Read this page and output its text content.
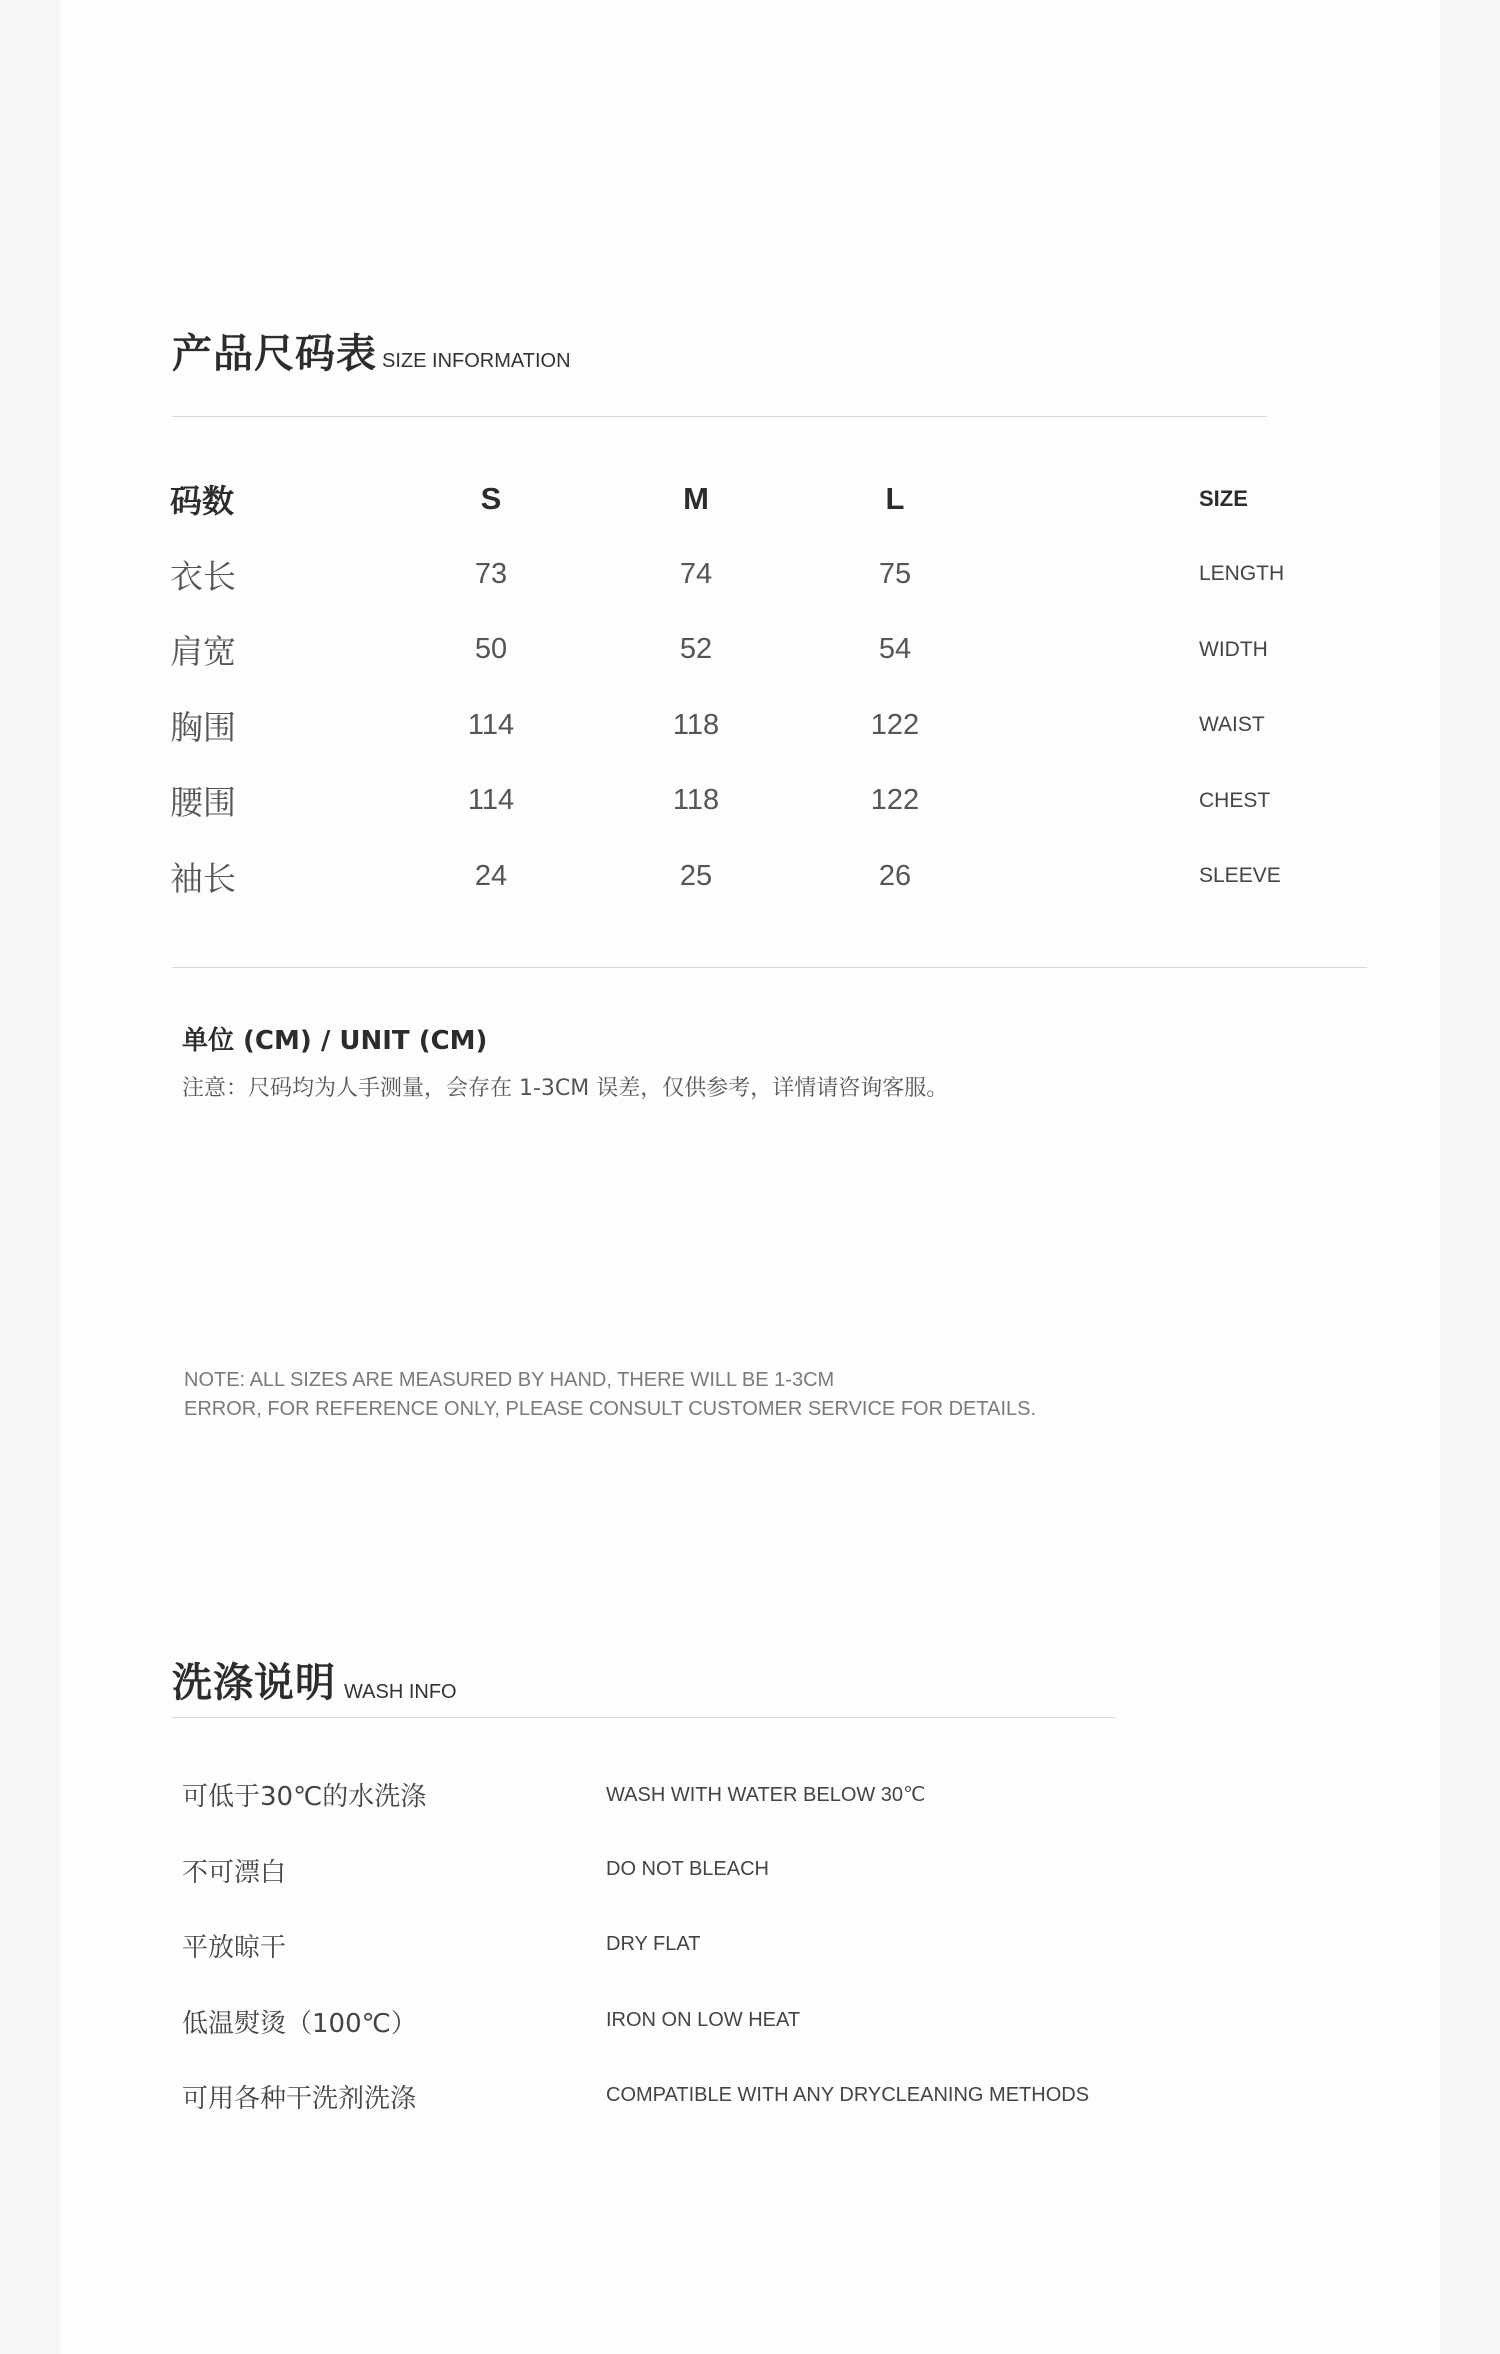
产品尺码表 SIZE INFORMATION
码数	S	M	L	SIZE
衣长	73	74	75	LENGTH
肩宽	50	52	54	WIDTH
胸围	114	118	122	WAIST
腰围	114	118	122	CHEST
袖长	24	25	26	SLEEVE
单位 (CM) / UNIT (CM)
注意：尺码均为人手测量，会存在 1-3CM 误差，仅供参考，详情请咨询客服。
NOTE: ALL SIZES ARE MEASURED BY HAND, THERE WILL BE 1-3CM
ERROR, FOR REFERENCE ONLY, PLEASE CONSULT CUSTOMER SERVICE FOR DETAILS.
洗涤说明 WASH INFO
可低于30℃的水洗涤	WASH WITH WATER BELOW 30℃
不可漂白	DO NOT BLEACH
平放晾干	DRY FLAT
低温熨烫（100℃）	IRON ON LOW HEAT
可用各种干洗剂洗涤	COMPATIBLE WITH ANY DRYCLEANING METHODS
